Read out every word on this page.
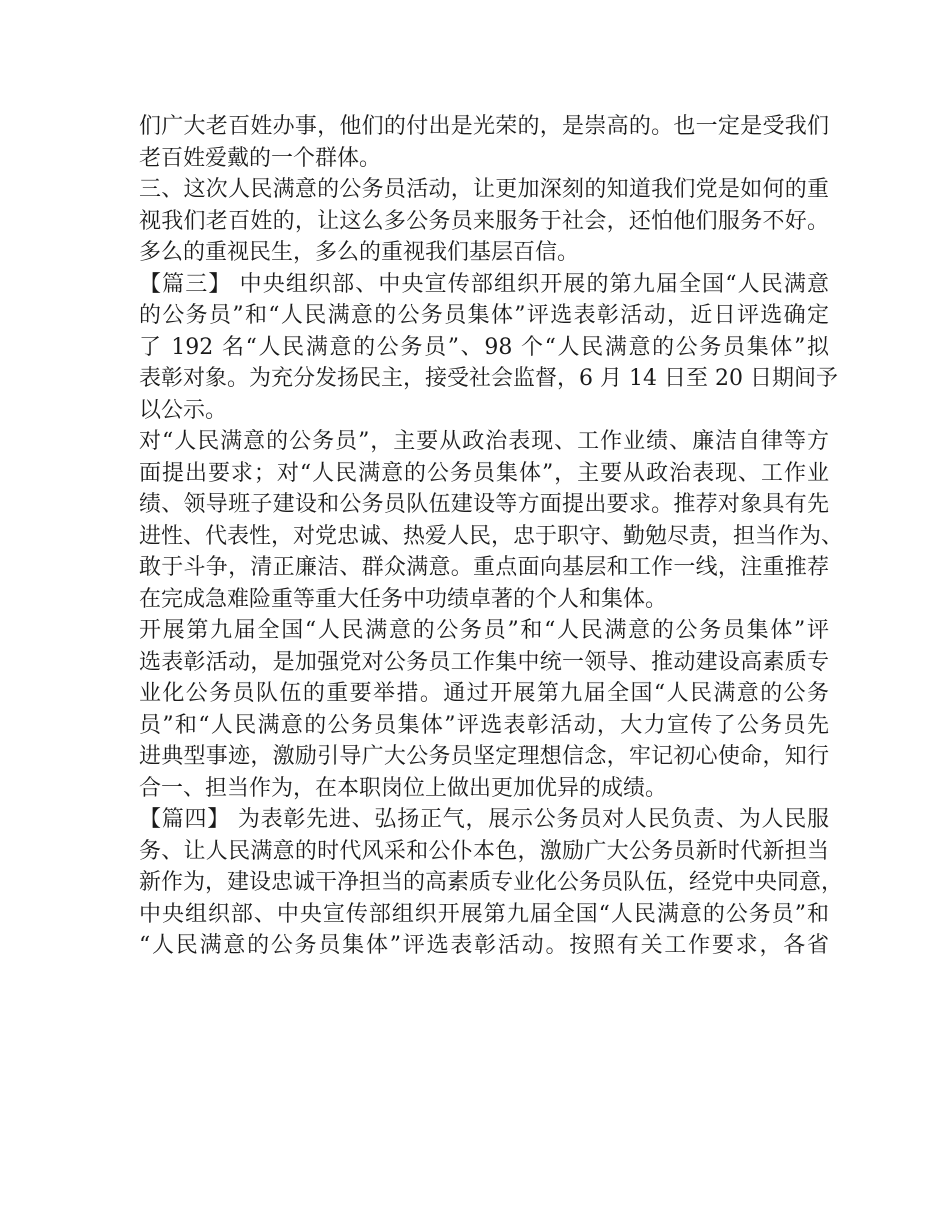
们广大老百姓办事，他们的付出是光荣的，是崇高的。也一定是受我们
老百姓爱戴的一个群体。
三、这次人民满意的公务员活动，让更加深刻的知道我们党是如何的重
视我们老百姓的，让这么多公务员来服务于社会，还怕他们服务不好。
多么的重视民生，多么的重视我们基层百信。
【篇三】 中央组织部、中央宣传部组织开展的第九届全国“人民满意
的公务员”和“人民满意的公务员集体”评选表彰活动，近日评选确定
了 192 名“人民满意的公务员”、98 个“人民满意的公务员集体”拟
表彰对象。为充分发扬民主，接受社会监督，6 月 14 日至 20 日期间予
以公示。
对“人民满意的公务员”，主要从政治表现、工作业绩、廉洁自律等方
面提出要求；对“人民满意的公务员集体”，主要从政治表现、工作业
绩、领导班子建设和公务员队伍建设等方面提出要求。推荐对象具有先
进性、代表性，对党忠诚、热爱人民，忠于职守、勤勉尽责，担当作为、
敢于斗争，清正廉洁、群众满意。重点面向基层和工作一线，注重推荐
在完成急难险重等重大任务中功绩卓著的个人和集体。
开展第九届全国“人民满意的公务员”和“人民满意的公务员集体”评
选表彰活动，是加强党对公务员工作集中统一领导、推动建设高素质专
业化公务员队伍的重要举措。通过开展第九届全国“人民满意的公务
员”和“人民满意的公务员集体”评选表彰活动，大力宣传了公务员先
进典型事迹，激励引导广大公务员坚定理想信念，牢记初心使命，知行
合一、担当作为，在本职岗位上做出更加优异的成绩。
【篇四】 为表彰先进、弘扬正气，展示公务员对人民负责、为人民服
务、让人民满意的时代风采和公仆本色，激励广大公务员新时代新担当
新作为，建设忠诚干净担当的高素质专业化公务员队伍，经党中央同意，
中央组织部、中央宣传部组织开展第九届全国“人民满意的公务员”和
“人民满意的公务员集体”评选表彰活动。按照有关工作要求，各省
